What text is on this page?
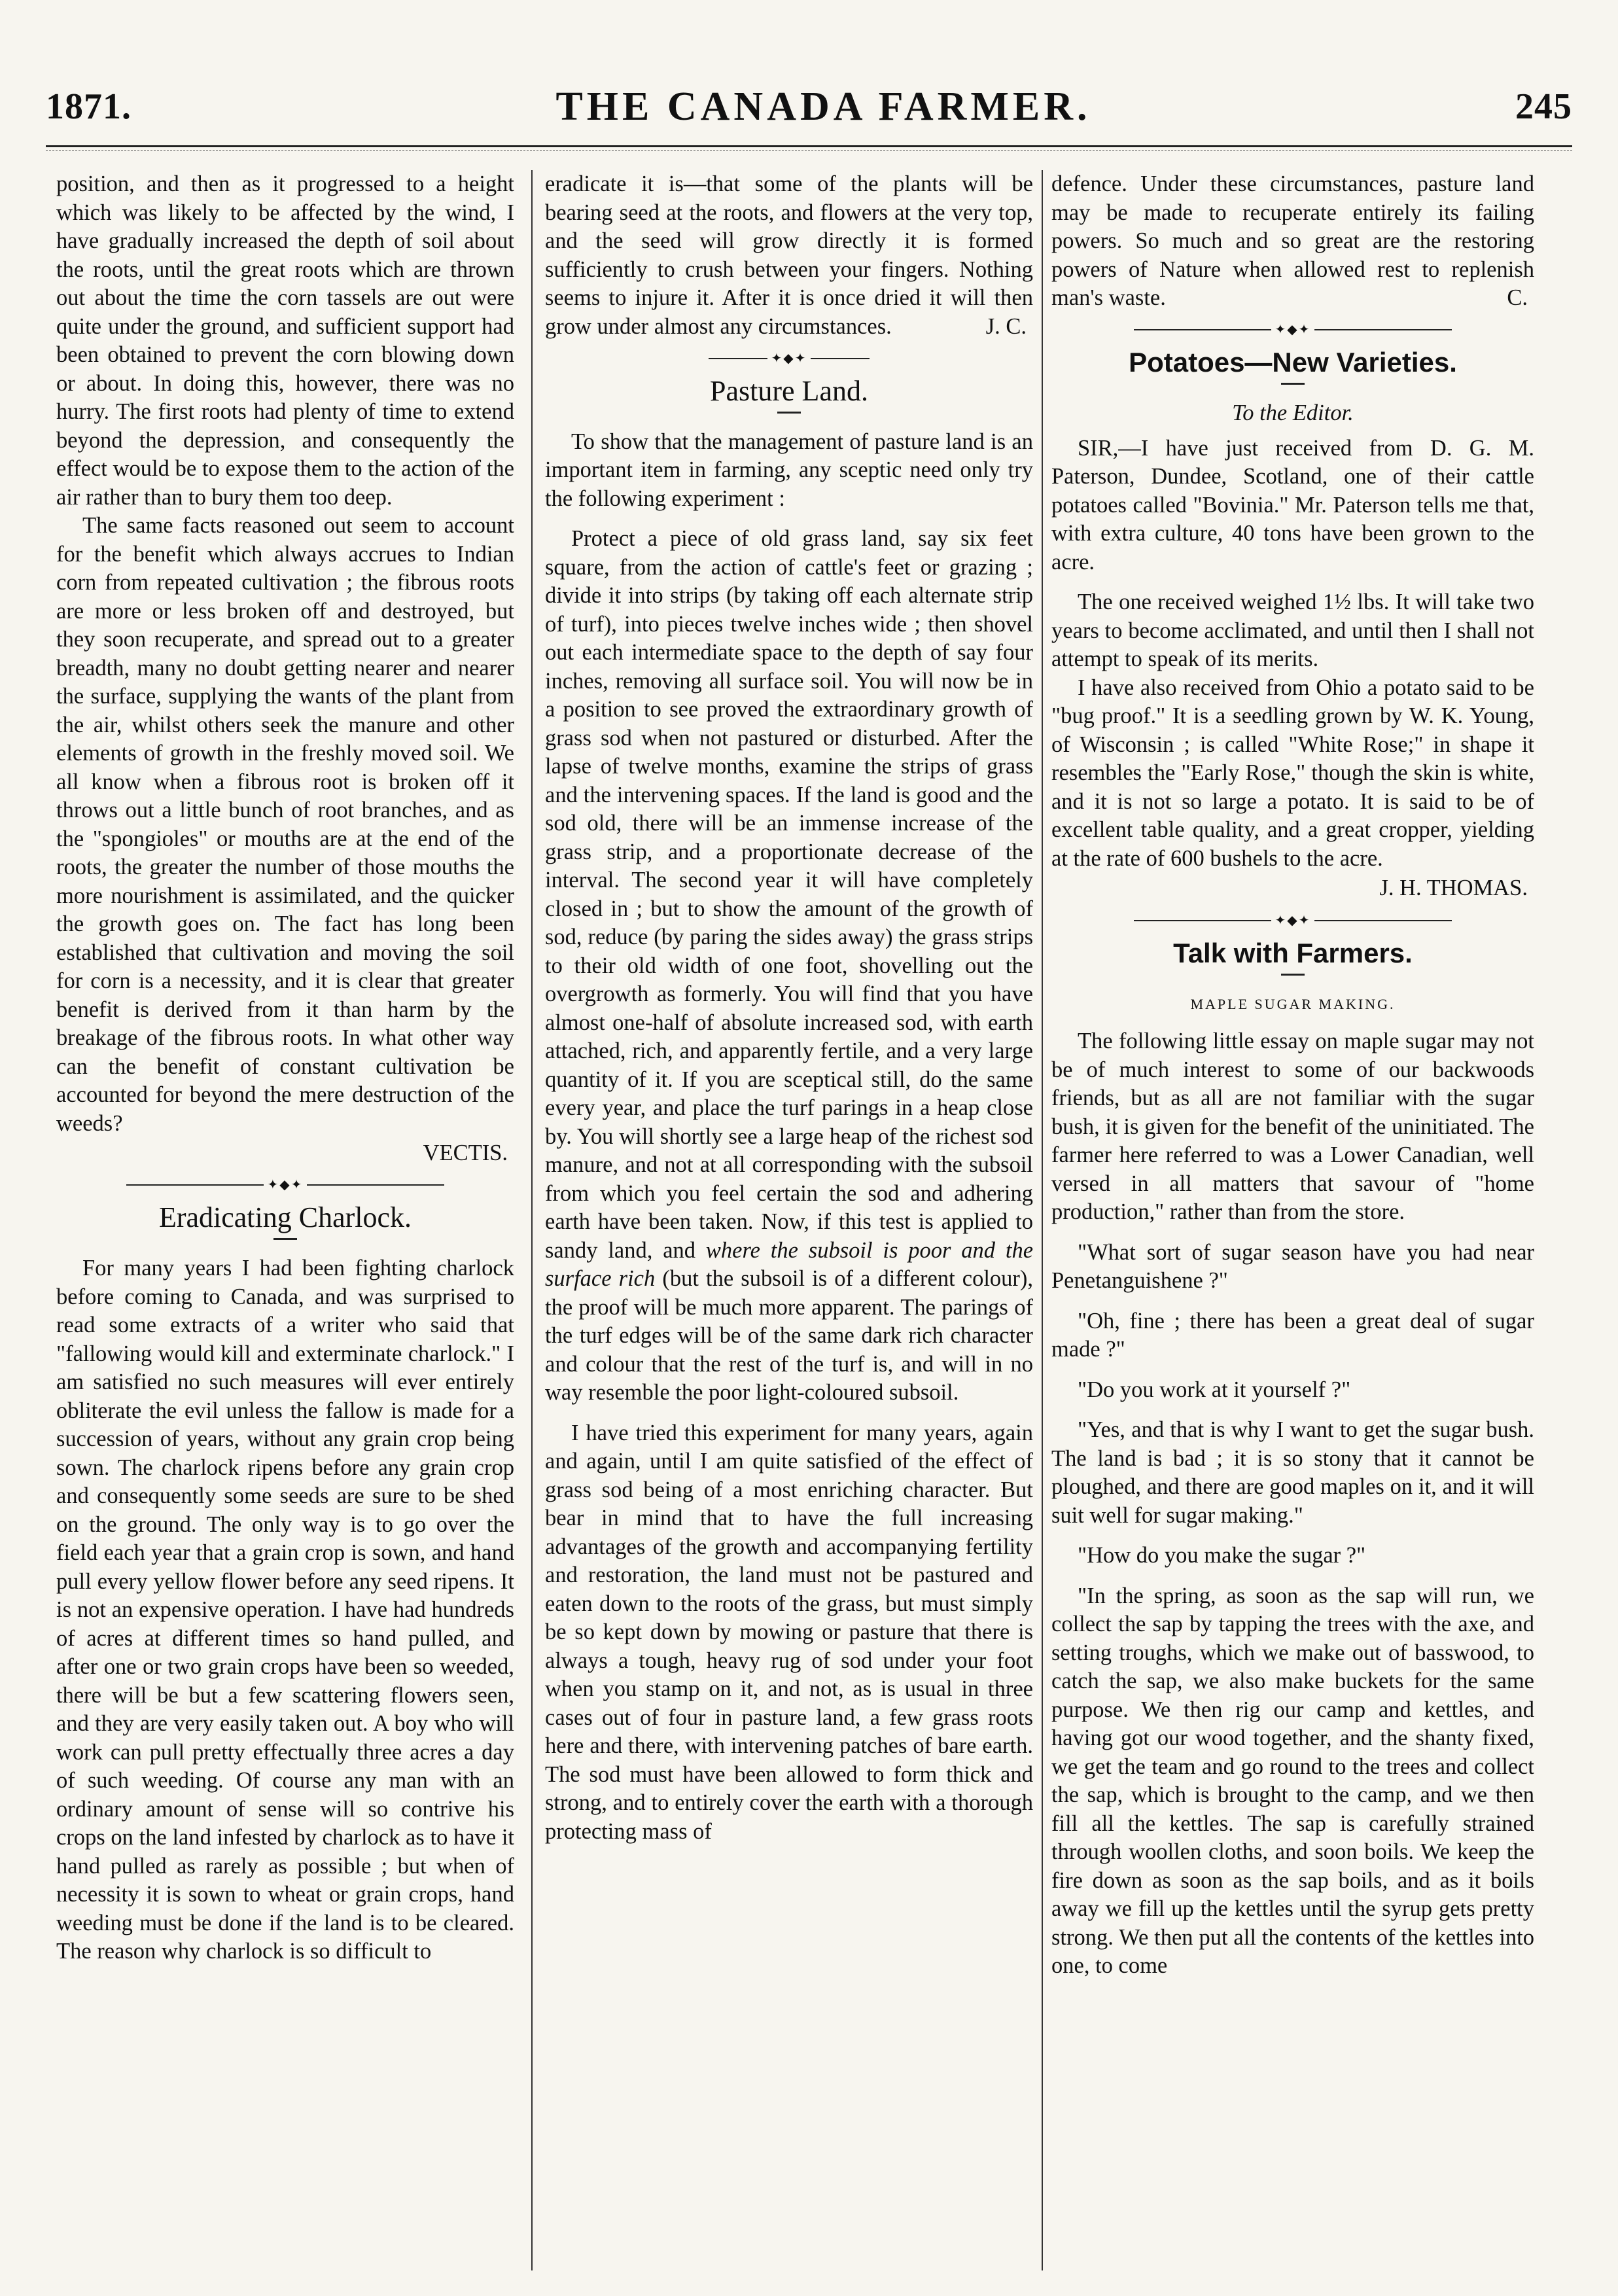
1871.	THE CANADA FARMER.	245

position, and then as it progressed to a height which was likely to be affected by the wind, I have gradually increased the depth of soil about the roots, until the great roots which are thrown out about the time the corn tassels are out were quite under the ground, and sufficient support had been obtained to prevent the corn blowing down or about. In doing this, however, there was no hurry. The first roots had plenty of time to extend beyond the depression, and consequently the effect would be to expose them to the action of the air rather than to bury them too deep.

The same facts reasoned out seem to account for the benefit which always accrues to Indian corn from repeated cultivation ; the fibrous roots are more or less broken off and destroyed, but they soon recuperate, and spread out to a greater breadth, many no doubt getting nearer and nearer the surface, supplying the wants of the plant from the air, whilst others seek the manure and other elements of growth in the freshly moved soil. We all know when a fibrous root is broken off it throws out a little bunch of root branches, and as the "spongioles" or mouths are at the end of the roots, the greater the number of those mouths the more nourishment is assimilated, and the quicker the growth goes on. The fact has long been established that cultivation and moving the soil for corn is a necessity, and it is clear that greater benefit is derived from it than harm by the breakage of the fibrous roots. In what other way can the benefit of constant cultivation be accounted for beyond the mere destruction of the weeds?

VECTIS.
✦◆✦
Eradicating Charlock.

For many years I had been fighting charlock before coming to Canada, and was surprised to read some extracts of a writer who said that "fallowing would kill and exterminate charlock." I am satisfied no such measures will ever entirely obliterate the evil unless the fallow is made for a succession of years, without any grain crop being sown. The charlock ripens before any grain crop and consequently some seeds are sure to be shed on the ground. The only way is to go over the field each year that a grain crop is sown, and hand pull every yellow flower before any seed ripens. It is not an expensive operation. I have had hundreds of acres at different times so hand pulled, and after one or two grain crops have been so weeded, there will be but a few scattering flowers seen, and they are very easily taken out. A boy who will work can pull pretty effectually three acres a day of such weeding. Of course any man with an ordinary amount of sense will so contrive his crops on the land infested by charlock as to have it hand pulled as rarely as possible ; but when of necessity it is sown to wheat or grain crops, hand weeding must be done if the land is to be cleared. The reason why charlock is so difficult to

eradicate it is—that some of the plants will be bearing seed at the roots, and flowers at the very top, and the seed will grow directly it is formed sufficiently to crush between your fingers. Nothing seems to injure it. After it is once dried it will then grow under almost any circumstances.	J. C.

✦◆✦
Pasture Land.

To show that the management of pasture land is an important item in farming, any sceptic need only try the following experiment :

Protect a piece of old grass land, say six feet square, from the action of cattle's feet or grazing ; divide it into strips (by taking off each alternate strip of turf), into pieces twelve inches wide ; then shovel out each intermediate space to the depth of say four inches, removing all surface soil. You will now be in a position to see proved the extraordinary growth of grass sod when not pastured or disturbed. After the lapse of twelve months, examine the strips of grass and the intervening spaces. If the land is good and the sod old, there will be an immense increase of the grass strip, and a proportionate decrease of the interval. The second year it will have completely closed in ; but to show the amount of the growth of sod, reduce (by paring the sides away) the grass strips to their old width of one foot, shovelling out the overgrowth as formerly. You will find that you have almost one-half of absolute increased sod, with earth attached, rich, and apparently fertile, and a very large quantity of it. If you are sceptical still, do the same every year, and place the turf parings in a heap close by. You will shortly see a large heap of the richest sod manure, and not at all corresponding with the subsoil from which you feel certain the sod and adhering earth have been taken. Now, if this test is applied to sandy land, and where the subsoil is poor and the surface rich (but the subsoil is of a different colour), the proof will be much more apparent. The parings of the turf edges will be of the same dark rich character and colour that the rest of the turf is, and will in no way resemble the poor light-coloured subsoil.

I have tried this experiment for many years, again and again, until I am quite satisfied of the effect of grass sod being of a most enriching character. But bear in mind that to have the full increasing advantages of the growth and accompanying fertility and restoration, the land must not be pastured and eaten down to the roots of the grass, but must simply be so kept down by mowing or pasture that there is always a tough, heavy rug of sod under your foot when you stamp on it, and not, as is usual in three cases out of four in pasture land, a few grass roots here and there, with intervening patches of bare earth. The sod must have been allowed to form thick and strong, and to entirely cover the earth with a thorough protecting mass of

defence. Under these circumstances, pasture land may be made to recuperate entirely its failing powers. So much and so great are the restoring powers of Nature when allowed rest to replenish man's waste.	C.

✦◆✦
Potatoes—New Varieties.
To the Editor.

SIR,—I have just received from D. G. M. Paterson, Dundee, Scotland, one of their cattle potatoes called "Bovinia." Mr. Paterson tells me that, with extra culture, 40 tons have been grown to the acre.

The one received weighed 1½ lbs. It will take two years to become acclimated, and until then I shall not attempt to speak of its merits.

I have also received from Ohio a potato said to be "bug proof." It is a seedling grown by W. K. Young, of Wisconsin ; is called "White Rose;" in shape it resembles the "Early Rose," though the skin is white, and it is not so large a potato. It is said to be of excellent table quality, and a great cropper, yielding at the rate of 600 bushels to the acre.

J. H. THOMAS.
✦◆✦
Talk with Farmers.
MAPLE SUGAR MAKING.

The following little essay on maple sugar may not be of much interest to some of our backwoods friends, but as all are not familiar with the sugar bush, it is given for the benefit of the uninitiated. The farmer here referred to was a Lower Canadian, well versed in all matters that savour of "home production," rather than from the store.

"What sort of sugar season have you had near Penetanguishene ?"

"Oh, fine ; there has been a great deal of sugar made ?"

"Do you work at it yourself ?"

"Yes, and that is why I want to get the sugar bush. The land is bad ; it is so stony that it cannot be ploughed, and there are good maples on it, and it will suit well for sugar making."

"How do you make the sugar ?"

"In the spring, as soon as the sap will run, we collect the sap by tapping the trees with the axe, and setting troughs, which we make out of basswood, to catch the sap, we also make buckets for the same purpose. We then rig our camp and kettles, and having got our wood together, and the shanty fixed, we get the team and go round to the trees and collect the sap, which is brought to the camp, and we then fill all the kettles. The sap is carefully strained through woollen cloths, and soon boils. We keep the fire down as soon as the sap boils, and as it boils away we fill up the kettles until the syrup gets pretty strong. We then put all the contents of the kettles into one, to come
